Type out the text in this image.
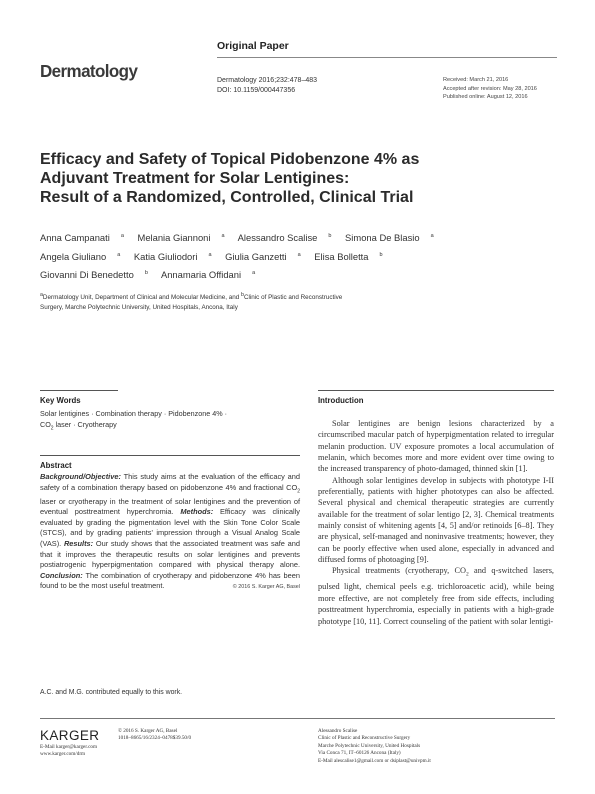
Original Paper
Dermatology	Dermatology 2016;232:478–483
DOI: 10.1159/000447356
Received: March 21, 2016
Accepted after revision: May 28, 2016
Published online: August 12, 2016
Efficacy and Safety of Topical Pidobenzone 4% as
Adjuvant Treatment for Solar Lentigines:
Result of a Randomized, Controlled, Clinical Trial
Anna Campanati $^a$ Melania Giannoni $^a$ Alessandro Scalise $^b$ Simona De Blasio $^a$
Angela Giuliano $^a$ Katia Giuliodori $^a$ Giulia Ganzetti $^a$ Elisa Bolletta $^b$
Giovanni Di Benedetto $^b$ Annamaria Offidani $^a$
$^a$Dermatology Unit, Department of Clinical and Molecular Medicine, and $^b$Clinic of Plastic and Reconstructive
Surgery, Marche Polytechnic University, United Hospitals, Ancona, Italy
Key Words
Solar lentigines · Combination therapy · Pidobenzone 4% ·
$CO_2$ laser · Cryotherapy
Abstract
Background/Objective: This study aims at the evaluation of the efficacy and safety of a combination therapy based on pidobenzone 4% and fractional $CO_2$ laser or cryotherapy in the treatment of solar lentigines and the prevention of eventual posttreatment hyperchromia. Methods: Efficacy was clinically evaluated by grading the pigmentation level with the Skin Tone Color Scale (STCS), and by grading patients' impression through a Visual Analog Scale (VAS). Results: Our study shows that the associated treatment was safe and that it improves the therapeutic results on solar lentigines and prevents postiatrogenic hyperpigmentation compared with physical therapy alone. Conclusion: The combination of cryotherapy and pidobenzone 4% has been found to be the most useful treatment.	© 2016 S. Karger AG, Basel
A.C. and M.G. contributed equally to this work.
Introduction

Solar lentigines are benign lesions characterized by a circumscribed macular patch of hyperpigmentation related to irregular melanin production. UV exposure promotes a local accumulation of melanin, which becomes more and more evident over time owing to the increased transparency of photo-damaged, thinned skin [1].

Although solar lentigines develop in subjects with phototype I-II preferentially, patients with higher phototypes can also be affected. Several physical and chemical therapeutic strategies are currently available for the treatment of solar lentigo [2, 3]. Chemical treatments mainly consist of whitening agents [4, 5] and/or retinoids [6–8]. They are physical, self-managed and noninvasive treatments; however, they can be poorly effective when used alone, especially in advanced and diffused forms of photoaging [9].

Physical treatments (cryotherapy, $CO_2$ and q-switched lasers, pulsed light, chemical peels e.g. trichloroacetic acid), while being more effective, are not completely free from side effects, including posttreatment hyperchromia, especially in patients with a high-grade phototype [10, 11]. Correct counseling of the patient with solar lentigi-

KARGER
E-Mail karger@karger.com
www.karger.com/drm
© 2016 S. Karger AG, Basel
1018–8665/16/2324–0478$39.50/0
Alessandro Scalise
Clinic of Plastic and Reconstructive Surgery
Marche Polytechnic University, United Hospitals
Via Conca 71, IT–60126 Ancona (Italy)
E-Mail alescalise1@gmail.com or dsiplast@univpm.it
